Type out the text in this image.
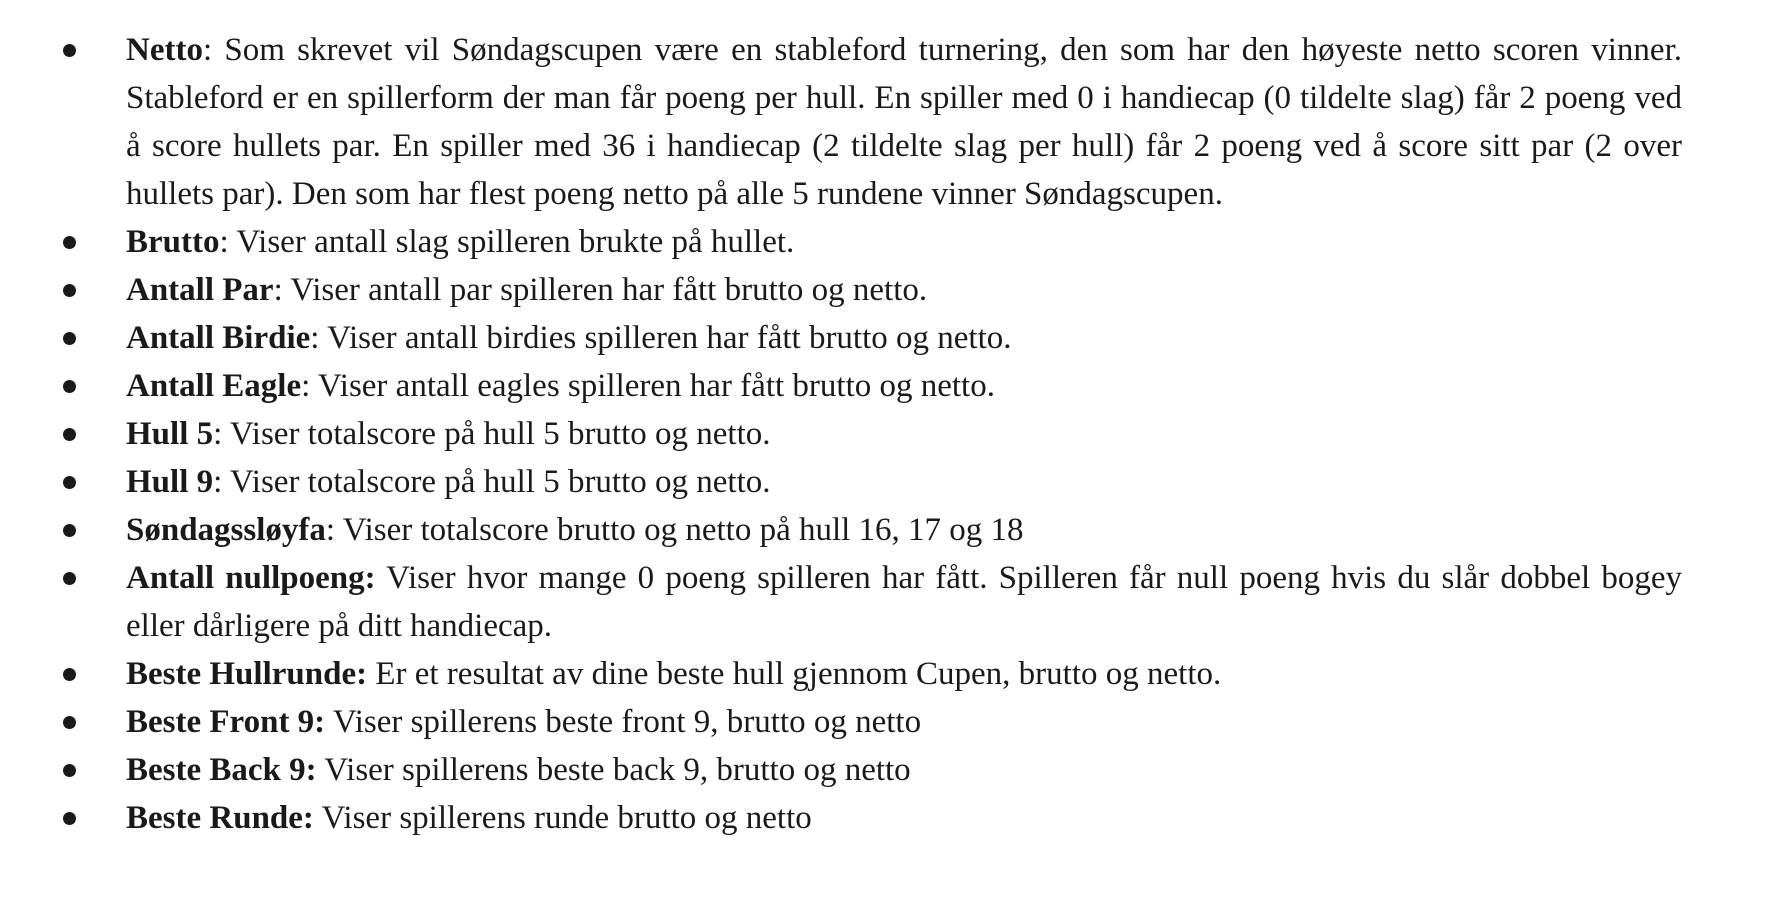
Netto: Som skrevet vil Søndagscupen være en stableford turnering, den som har den høyeste netto scoren vinner. Stableford er en spillerform der man får poeng per hull. En spiller med 0 i handiecap (0 tildelte slag) får 2 poeng ved å score hullets par. En spiller med 36 i handiecap (2 tildelte slag per hull) får 2 poeng ved å score sitt par (2 over hullets par). Den som har flest poeng netto på alle 5 rundene vinner Søndagscupen.
Brutto: Viser antall slag spilleren brukte på hullet.
Antall Par: Viser antall par spilleren har fått brutto og netto.
Antall Birdie: Viser antall birdies spilleren har fått brutto og netto.
Antall Eagle: Viser antall eagles spilleren har fått brutto og netto.
Hull 5: Viser totalscore på hull 5 brutto og netto.
Hull 9: Viser totalscore på hull 5 brutto og netto.
Søndagssløyfa: Viser totalscore brutto og netto på hull 16, 17 og 18
Antall nullpoeng: Viser hvor mange 0 poeng spilleren har fått. Spilleren får null poeng hvis du slår dobbel bogey eller dårligere på ditt handiecap.
Beste Hullrunde: Er et resultat av dine beste hull gjennom Cupen, brutto og netto.
Beste Front 9: Viser spillerens beste front 9, brutto og netto
Beste Back 9: Viser spillerens beste back 9, brutto og netto
Beste Runde: Viser spillerens runde brutto og netto
